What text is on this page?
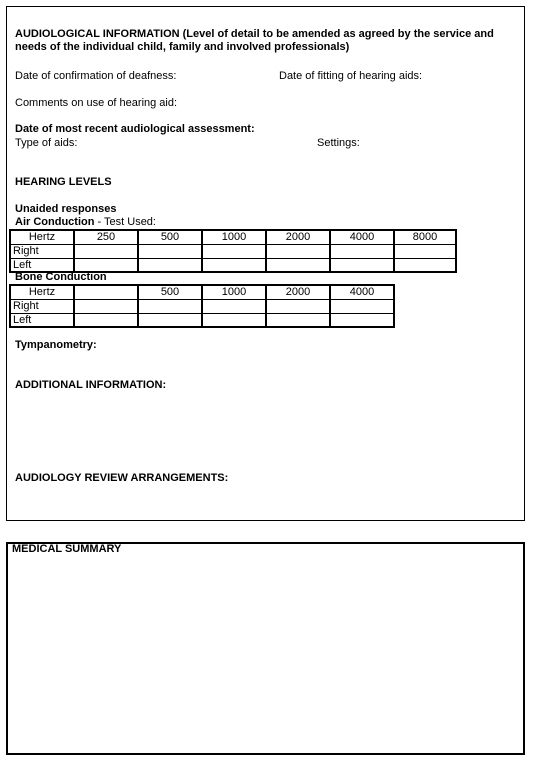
AUDIOLOGICAL INFORMATION (Level of detail to be amended as agreed by the service and
needs of the individual child, family and involved professionals)
Date of confirmation of deafness:	Date of fitting of hearing aids:
Comments on use of hearing aid:
Date of most recent audiological assessment:
Type of aids:	Settings:
HEARING LEVELS
Unaided responses
Air Conduction - Test Used:
Hertz	250	500	1000	2000	4000	8000
Right						
Left						
Bone Conduction
Hertz		500	1000	2000	4000
Right					
Left					
Tympanometry:
ADDITIONAL INFORMATION:
AUDIOLOGY REVIEW ARRANGEMENTS:
MEDICAL SUMMARY
